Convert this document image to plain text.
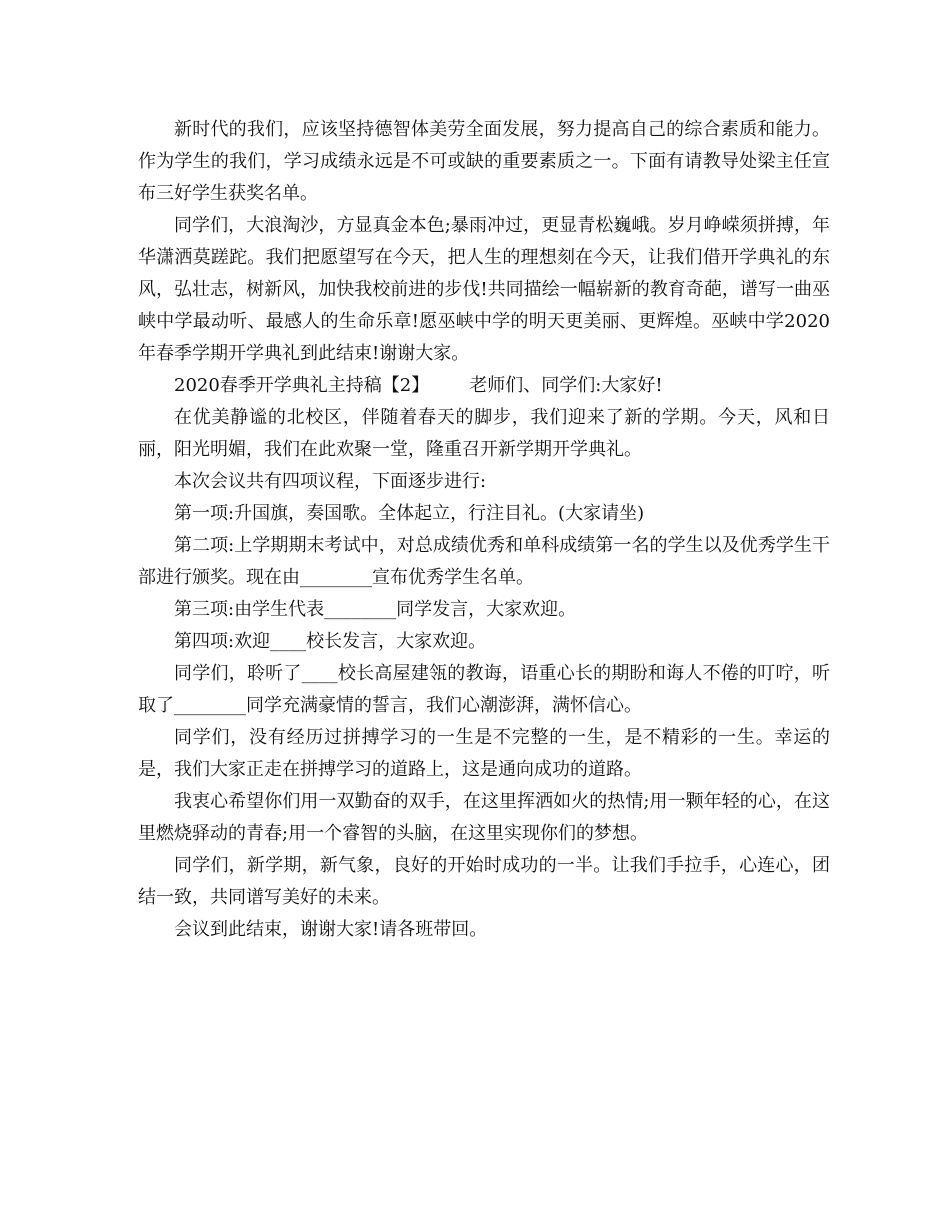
新时代的我们，应该坚持德智体美劳全面发展，努力提高自己的综合素质和能力。作为学生的我们，学习成绩永远是不可或缺的重要素质之一。下面有请教导处梁主任宣布三好学生获奖名单。

同学们，大浪淘沙，方显真金本色;暴雨冲过，更显青松巍峨。岁月峥嵘须拼搏，年华潇洒莫蹉跎。我们把愿望写在今天，把人生的理想刻在今天，让我们借开学典礼的东风，弘壮志，树新风，加快我校前进的步伐!共同描绘一幅崭新的教育奇葩，谱写一曲巫峡中学最动听、最感人的生命乐章!愿巫峡中学的明天更美丽、更辉煌。巫峡中学2020年春季学期开学典礼到此结束!谢谢大家。

2020春季开学典礼主持稿【2】 老师们、同学们:大家好!

在优美静谧的北校区，伴随着春天的脚步，我们迎来了新的学期。今天，风和日丽，阳光明媚，我们在此欢聚一堂，隆重召开新学期开学典礼。

本次会议共有四项议程，下面逐步进行:

第一项:升国旗，奏国歌。全体起立，行注目礼。(大家请坐)

第二项:上学期期末考试中，对总成绩优秀和单科成绩第一名的学生以及优秀学生干部进行颁奖。现在由________宣布优秀学生名单。

第三项:由学生代表________同学发言，大家欢迎。

第四项:欢迎____校长发言，大家欢迎。

同学们，聆听了____校长高屋建瓴的教诲，语重心长的期盼和诲人不倦的叮咛，听取了________同学充满豪情的誓言，我们心潮澎湃，满怀信心。

同学们，没有经历过拼搏学习的一生是不完整的一生，是不精彩的一生。幸运的是，我们大家正走在拼搏学习的道路上，这是通向成功的道路。

我衷心希望你们用一双勤奋的双手，在这里挥洒如火的热情;用一颗年轻的心，在这里燃烧驿动的青春;用一个睿智的头脑，在这里实现你们的梦想。

同学们，新学期，新气象，良好的开始时成功的一半。让我们手拉手，心连心，团结一致，共同谱写美好的未来。

会议到此结束，谢谢大家!请各班带回。
